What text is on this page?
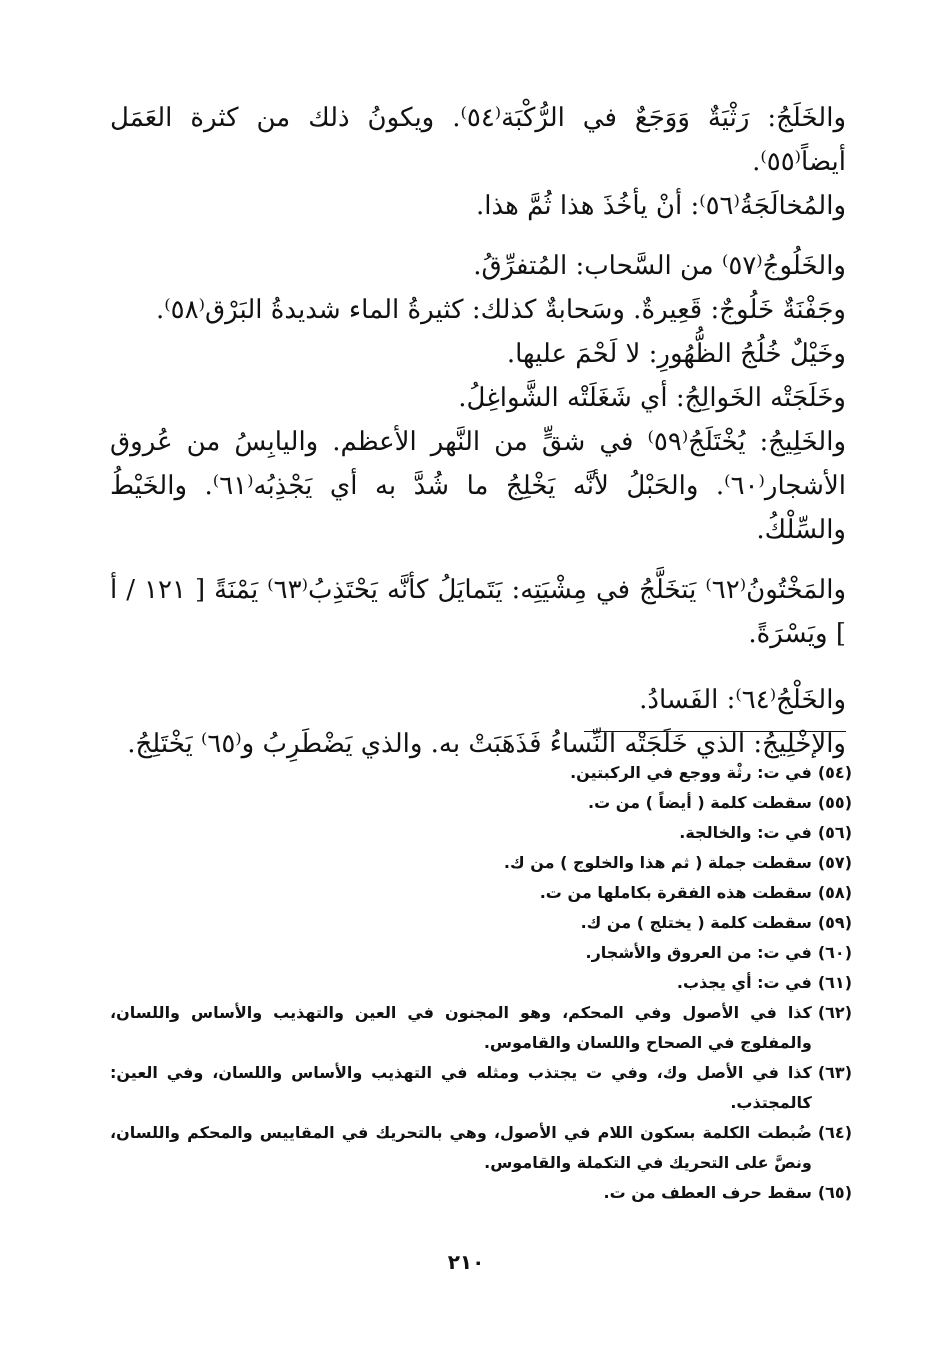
والخَلَجُ: رَثْيَةٌ وَوَجَعٌ في الرُّكْبَة⁽٥٤⁾. ويكونُ ذلك من كثرة العَمَل أيضاً⁽٥٥⁾.

والمُخالَجَةُ⁽٥٦⁾: أنْ يأخُذَ هذا ثُمَّ هذا.

والخَلُوجُ⁽٥٧⁾ من السَّحاب: المُتفرِّقُ.

وجَفْنَةٌ خَلُوجٌ: قَعِيرةٌ. وسَحابةٌ كذلك: كثيرةُ الماء شديدةُ البَرْق⁽٥٨⁾.

وخَيْلٌ خُلُجُ الظُّهُورِ: لا لَحْمَ عليها.

وخَلَجَتْه الخَوالِجُ: أي شَغَلَتْه الشَّواغِلُ.

والخَلِيجُ: يُخْتَلَجُ⁽٥٩⁾ في شقٍّ من النَّهر الأعظم. واليابِسُ من عُروق الأشجار⁽٦٠⁾. والحَبْلُ لأنَّه يَخْلِجُ ما شُدَّ به أي يَجْذِبُه⁽٦١⁾. والخَيْطُ والسِّلْكُ.

والمَخْتُونُ⁽٦٢⁾ يَتخَلَّجُ في مِشْيَتِه: يَتَمايَلُ كأنَّه يَحْتَذِبُ⁽٦٣⁾ يَمْنَةً [ ١٢١ / أ ] ويَسْرَةً.

والخَلْجُ⁽٦٤⁾: الفَسادُ.

والإخْلِيجُ: الذي خَلَجَتْه النِّساءُ فَذَهَبَتْ به. والذي يَضْطَرِبُ و⁽٦٥⁾ يَخْتَلِجُ.

(٥٤)
في ت: رثْة ووجع في الركبتين.
(٥٥)
سقطت كلمة ( أيضاً ) من ت.
(٥٦)
في ت: والخالجة.
(٥٧)
سقطت جملة ( ثم هذا والخلوج ) من ك.
(٥٨)
سقطت هذه الفقرة بكاملها من ت.
(٥٩)
سقطت كلمة ( يختلج ) من ك.
(٦٠)
في ت: من العروق والأشجار.
(٦١)
في ت: أي يجذب.
(٦٢)
كذا في الأصول وفي المحكم، وهو المجنون في العين والتهذيب والأساس واللسان، والمفلوج في الصحاح واللسان والقاموس.
(٦٣)
كذا في الأصل وك، وفي ت يجتذب ومثله في التهذيب والأساس واللسان، وفي العين: كالمجتذب.
(٦٤)
ضُبطت الكلمة بسكون اللام في الأصول، وهي بالتحريك في المقاييس والمحكم واللسان، ونصَّ على التحريك في التكملة والقاموس.
(٦٥)
سقط حرف العطف من ت.
٢١٠
